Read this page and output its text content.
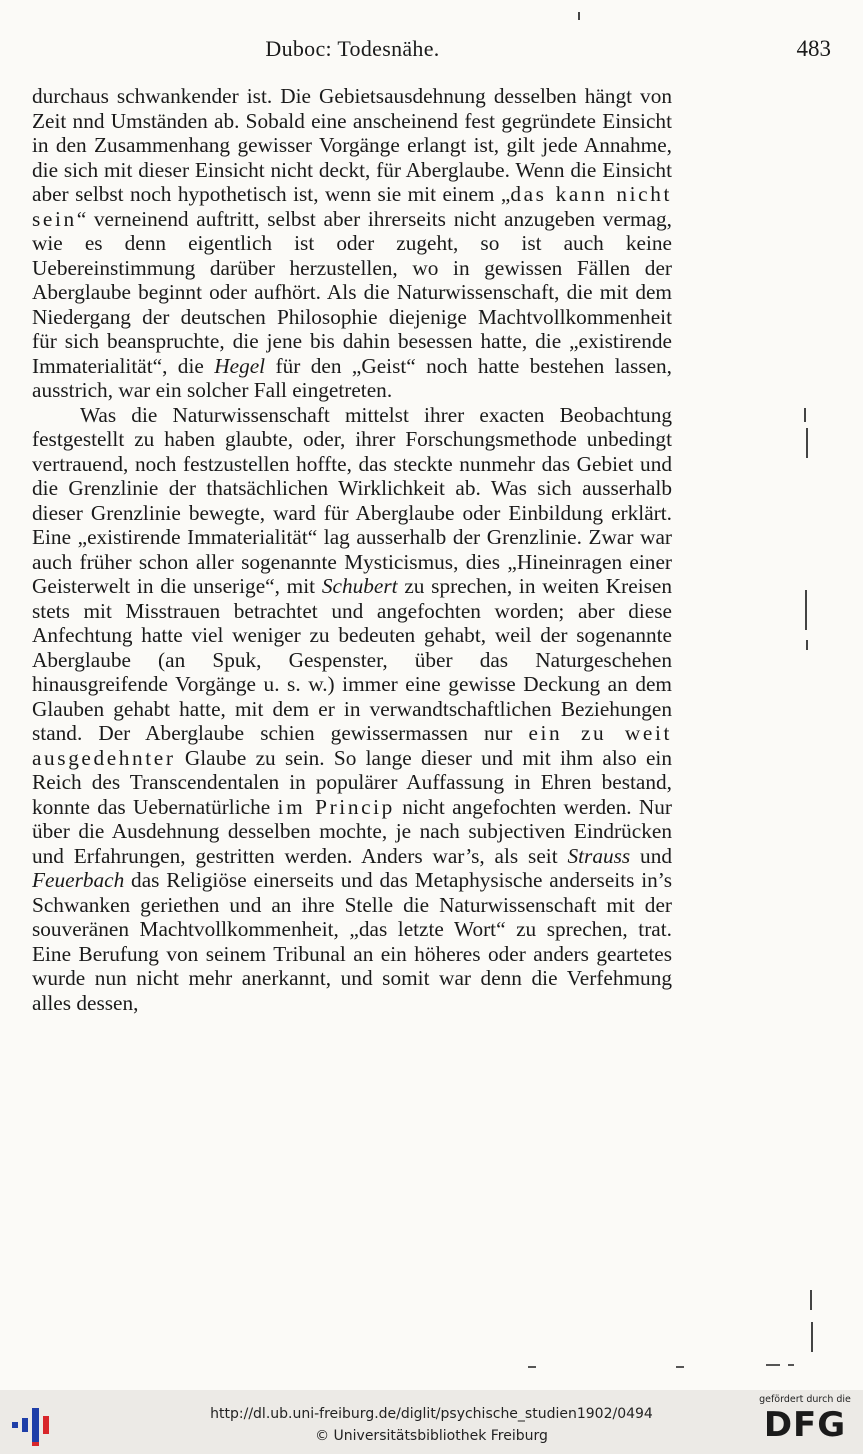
Duboc: Todesnähe.	483

durchaus schwankender ist. Die Gebietsausdehnung desselben hängt von Zeit nnd Umständen ab. Sobald eine anscheinend fest gegründete Einsicht in den Zusammenhang gewisser Vorgänge erlangt ist, gilt jede Annahme, die sich mit dieser Einsicht nicht deckt, für Aberglaube. Wenn die Einsicht aber selbst noch hypothetisch ist, wenn sie mit einem „das kann nicht sein“ verneinend auftritt, selbst aber ihrerseits nicht anzugeben vermag, wie es denn eigentlich ist oder zugeht, so ist auch keine Uebereinstimmung darüber herzustellen, wo in gewissen Fällen der Aberglaube beginnt oder aufhört. Als die Naturwissenschaft, die mit dem Niedergang der deutschen Philosophie diejenige Machtvollkommenheit für sich beanspruchte, die jene bis dahin besessen hatte, die „existirende Immaterialität“, die Hegel für den „Geist“ noch hatte bestehen lassen, ausstrich, war ein solcher Fall eingetreten.

Was die Naturwissenschaft mittelst ihrer exacten Beobachtung festgestellt zu haben glaubte, oder, ihrer Forschungsmethode unbedingt vertrauend, noch festzustellen hoffte, das steckte nunmehr das Gebiet und die Grenzlinie der thatsächlichen Wirklichkeit ab. Was sich ausserhalb dieser Grenzlinie bewegte, ward für Aberglaube oder Einbildung erklärt. Eine „existirende Immaterialität“ lag ausserhalb der Grenzlinie. Zwar war auch früher schon aller sogenannte Mysticismus, dies „Hineinragen einer Geisterwelt in die unserige“, mit Schubert zu sprechen, in weiten Kreisen stets mit Misstrauen betrachtet und angefochten worden; aber diese Anfechtung hatte viel weniger zu bedeuten gehabt, weil der sogenannte Aberglaube (an Spuk, Gespenster, über das Naturgeschehen hinausgreifende Vorgänge u. s. w.) immer eine gewisse Deckung an dem Glauben gehabt hatte, mit dem er in verwandtschaftlichen Beziehungen stand. Der Aberglaube schien gewissermassen nur ein zu weit ausgedehnter Glaube zu sein. So lange dieser und mit ihm also ein Reich des Transcendentalen in populärer Auffassung in Ehren bestand, konnte das Uebernatürliche im Princip nicht angefochten werden. Nur über die Ausdehnung desselben mochte, je nach subjectiven Eindrücken und Erfahrungen, gestritten werden. Anders war’s, als seit Strauss und Feuerbach das Religiöse einerseits und das Metaphysische anderseits in’s Schwanken geriethen und an ihre Stelle die Naturwissenschaft mit der souveränen Machtvollkommenheit, „das letzte Wort“ zu sprechen, trat. Eine Berufung von seinem Tribunal an ein höheres oder anders geartetes wurde nun nicht mehr anerkannt, und somit war denn die Verfehmung alles dessen,

http://dl.ub.uni-freiburg.de/diglit/psychische_studien1902/0494
© Universitätsbibliothek Freiburg
gefördert durch die
DFG
